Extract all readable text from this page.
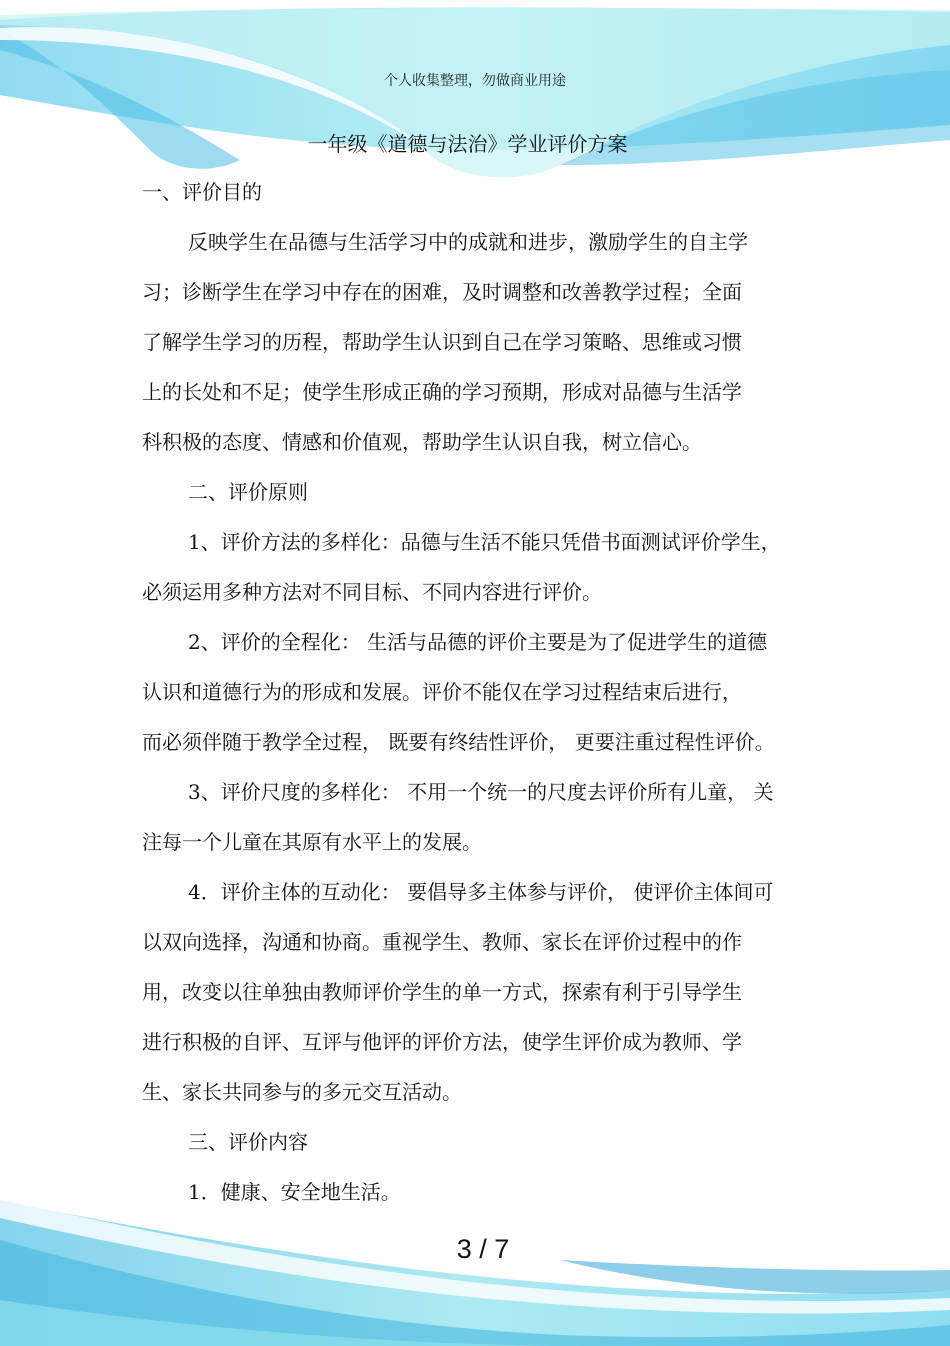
个人收集整理，勿做商业用途
一年级《道德与法治》学业评价方案
一、评价目的
反映学生在品德与生活学习中的成就和进步，激励学生的自主学
习；诊断学生在学习中存在的困难，及时调整和改善教学过程；全面
了解学生学习的历程，帮助学生认识到自己在学习策略、思维或习惯
上的长处和不足；使学生形成正确的学习预期，形成对品德与生活学
科积极的态度、情感和价值观，帮助学生认识自我，树立信心。
二、评价原则
1、评价方法的多样化：品德与生活不能只凭借书面测试评价学生，
必须运用多种方法对不同目标、不同内容进行评价。
2、评价的全程化： 生活与品德的评价主要是为了促进学生的道德
认识和道德行为的形成和发展。评价不能仅在学习过程结束后进行，
而必须伴随于教学全过程， 既要有终结性评价， 更要注重过程性评价。
3、评价尺度的多样化： 不用一个统一的尺度去评价所有儿童， 关
注每一个儿童在其原有水平上的发展。
4．评价主体的互动化： 要倡导多主体参与评价， 使评价主体间可
以双向选择，沟通和协商。重视学生、教师、家长在评价过程中的作
用，改变以往单独由教师评价学生的单一方式，探索有利于引导学生
进行积极的自评、互评与他评的评价方法，使学生评价成为教师、学
生、家长共同参与的多元交互活动。
三、评价内容
1．健康、安全地生活。
3 / 7
